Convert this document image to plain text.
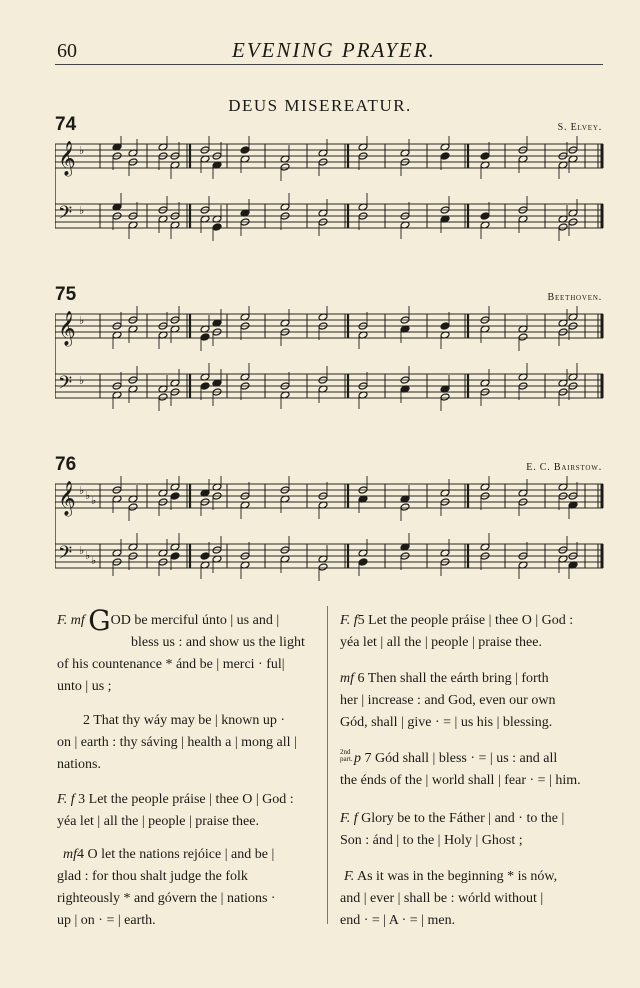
60	EVENING PRAYER.
DEUS MISEREATUR.
74	S. Elvey.
𝄞 ♭
𝄢 ♭
75	Beethoven.
𝄞 ♭
𝄢 ♭
76	E. C. Bairstow.
𝄞 ♭ ♭ ♭
𝄢 ♭ ♭ ♭
F. mf GOD be merciful únto | us and |
bless us : and show us the light
of his countenance * ánd be | merci · ful|
unto | us ;
2 That thy wáy may be | known up ·
on | earth : thy sáving | health a | mong all |
nations.
F. f 3 Let the people práise | thee O | God :
yéa let | all the | people | praise thee.
mf4 O let the nations rejóice | and be |
glad : for thou shalt judge the folk
righteously * and góvern the | nations ·
up | on · = | earth.
F. f5 Let the people práise | thee O | God :
yéa let | all the | people | praise thee.
mf 6 Then shall the eárth bring | forth
her | increase : and God, even our own
Gód, shall | give · = | us his | blessing.
2nd part.p 7 Gód shall | bless · = | us : and all
the énds of the | world shall | fear · = | him.
F. f Glory be to the Fáther | and · to the |
Son : ánd | to the | Holy | Ghost ;
F. As it was in the beginning * is nów,
and | ever | shall be : wórld without |
end · = | A · = | men.
